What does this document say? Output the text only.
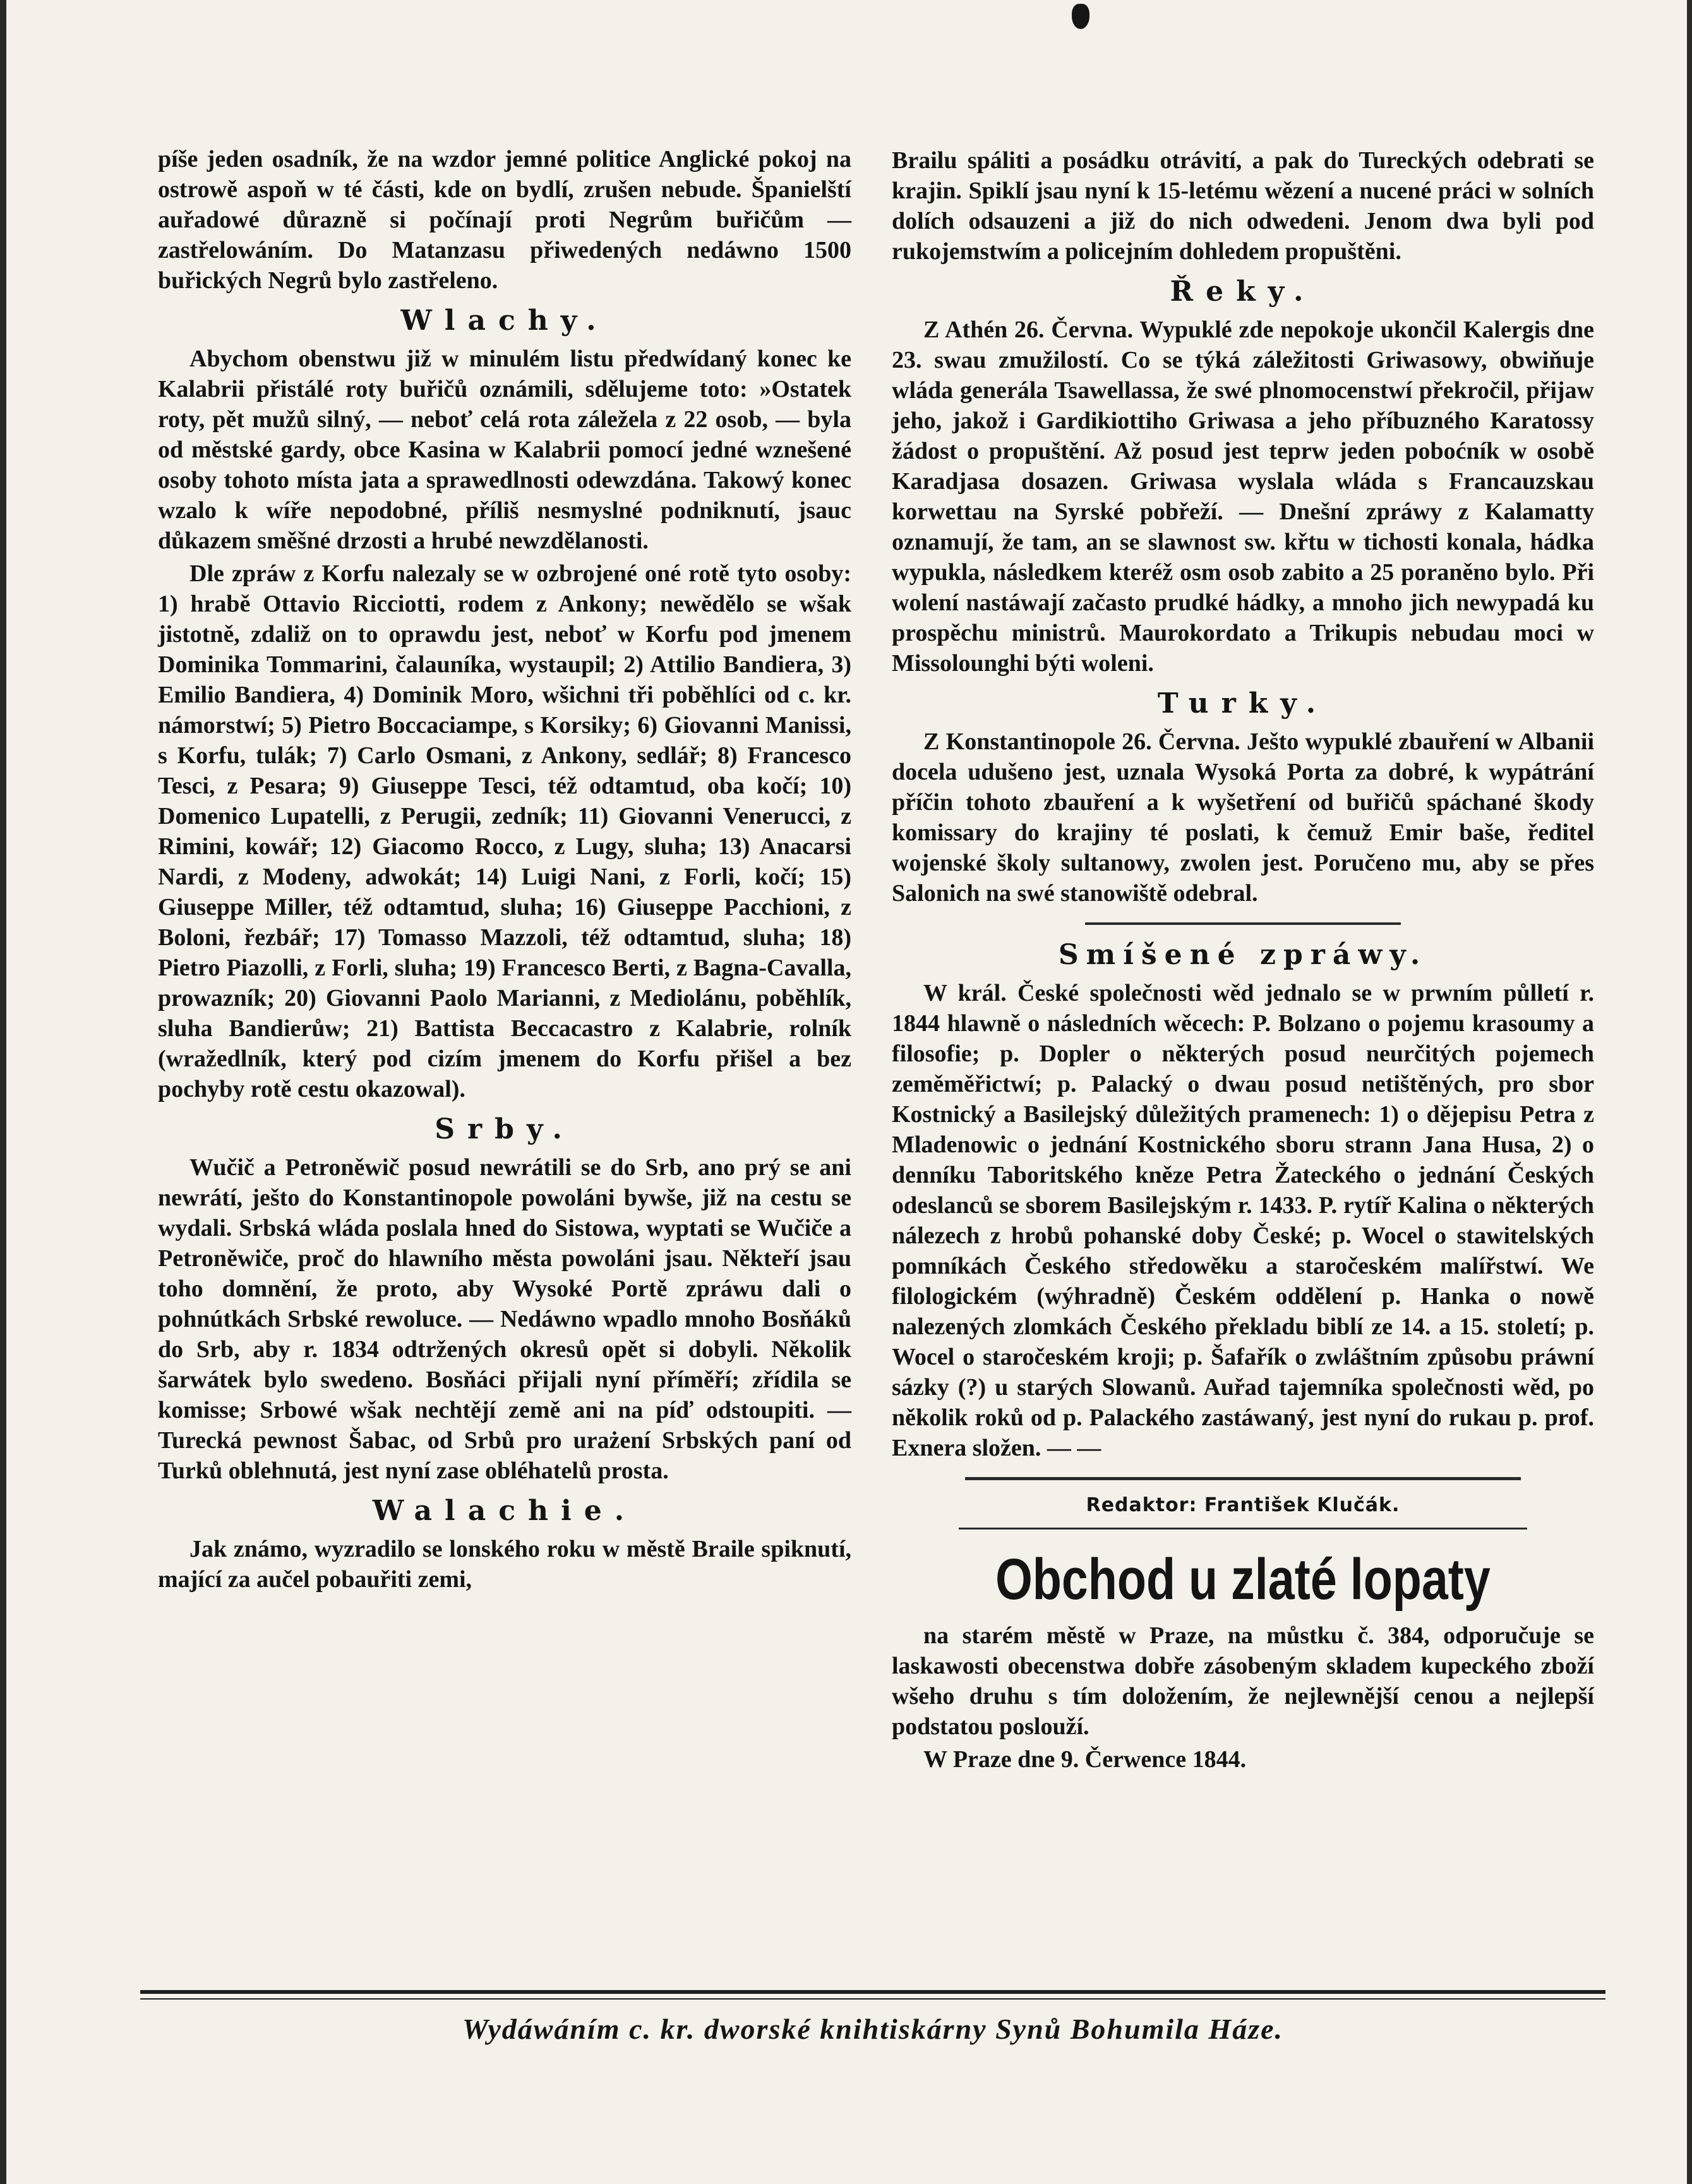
píše jeden osadník, že na wzdor jemné politice Anglické pokoj na ostrowě aspoň w té části, kde on bydlí, zrušen nebude. Španielští auřadowé důrazně si počínají proti Negrům buřičům — zastřelowáním. Do Matanzasu přiwedených nedáwno 1500 buřických Negrů bylo zastřeleno.

Wlachy.

Abychom obenstwu již w minulém listu předwídaný konec ke Kalabrii přistálé roty buřičů oznámili, sdělujeme toto: »Ostatek roty, pět mužů silný, — neboť celá rota záležela z 22 osob, — byla od městské gardy, obce Kasina w Kalabrii pomocí jedné wznešené osoby tohoto místa jata a sprawedlnosti odewzdána. Takowý konec wzalo k wíře nepodobné, příliš nesmyslné podniknutí, jsauc důkazem směšné drzosti a hrubé newzdělanosti.

Dle zpráw z Korfu nalezaly se w ozbrojené oné rotě tyto osoby: 1) hrabě Ottavio Ricciotti, rodem z Ankony; newědělo se wšak jistotně, zdaliž on to oprawdu jest, neboť w Korfu pod jmenem Dominika Tommarini, čalauníka, wystaupil; 2) Attilio Bandiera, 3) Emilio Bandiera, 4) Dominik Moro, wšichni tři poběhlíci od c. kr. námorstwí; 5) Pietro Boccaciampe, s Korsiky; 6) Giovanni Manissi, s Korfu, tulák; 7) Carlo Osmani, z Ankony, sedlář; 8) Francesco Tesci, z Pesara; 9) Giuseppe Tesci, též odtamtud, oba kočí; 10) Domenico Lupatelli, z Perugii, zedník; 11) Giovanni Venerucci, z Rimini, kowář; 12) Giacomo Rocco, z Lugy, sluha; 13) Anacarsi Nardi, z Modeny, adwokát; 14) Luigi Nani, z Forli, kočí; 15) Giuseppe Miller, též odtamtud, sluha; 16) Giuseppe Pacchioni, z Boloni, řezbář; 17) Tomasso Mazzoli, též odtamtud, sluha; 18) Pietro Piazolli, z Forli, sluha; 19) Francesco Berti, z Bagna-Cavalla, prowazník; 20) Giovanni Paolo Marianni, z Mediolánu, poběhlík, sluha Bandierůw; 21) Battista Beccacastro z Kalabrie, rolník (wražedlník, který pod cizím jmenem do Korfu přišel a bez pochyby rotě cestu okazowal).

Srby.

Wučič a Petroněwič posud newrátili se do Srb, ano prý se ani newrátí, ješto do Konstantinopole powoláni bywše, již na cestu se wydali. Srbská wláda poslala hned do Sistowa, wyptati se Wučiče a Petroněwiče, proč do hlawního města powoláni jsau. Někteří jsau toho domnění, že proto, aby Wysoké Portě zpráwu dali o pohnútkách Srbské rewoluce. — Nedáwno wpadlo mnoho Bosňáků do Srb, aby r. 1834 odtržených okresů opět si dobyli. Několik šarwátek bylo swedeno. Bosňáci přijali nyní příměří; zřídila se komisse; Srbowé wšak nechtějí země ani na píď odstoupiti. — Turecká pewnost Šabac, od Srbů pro urażení Srbských paní od Turků oblehnutá, jest nyní zase obléhatelů prosta.

Walachie.

Jak známo, wyzradilo se lonského roku w městě Braile spiknutí, mající za aučel pobauřiti zemi,

Brailu spáliti a posádku otrávití, a pak do Tureckých odebrati se krajin. Spiklí jsau nyní k 15-letému wězení a nucené práci w solních dolích odsauzeni a již do nich odwedeni. Jenom dwa byli pod rukojemstwím a policejním dohledem propuštěni.

Řeky.

Z Athén 26. Června. Wypuklé zde nepokoje ukončil Kalergis dne 23. swau zmužilostí. Co se týká záležitosti Griwasowy, obwiňuje wláda generála Tsawellassa, že swé plnomocenstwí překročil, přijaw jeho, jakož i Gardikiottiho Griwasa a jeho příbuzného Karatossy žádost o propuštění. Až posud jest teprw jeden poboćník w osobě Karadjasa dosazen. Griwasa wyslala wláda s Francauzskau korwettau na Syrské pobřeží. — Dnešní zpráwy z Kalamatty oznamují, že tam, an se slawnost sw. křtu w tichosti konala, hádka wypukla, následkem kteréž osm osob zabito a 25 poraněno bylo. Při wolení nastáwají začasto prudké hádky, a mnoho jich newypadá ku prospěchu ministrů. Maurokordato a Trikupis nebudau moci w Missolounghi býti woleni.

Turky.

Z Konstantinopole 26. Června. Ješto wypuklé zbauření w Albanii docela udušeno jest, uznala Wysoká Porta za dobré, k wypátrání příčin tohoto zbauření a k wyšetření od buřičů spáchané škody komissary do krajiny té poslati, k čemuž Emir baše, ředitel wojenské školy sultanowy, zwolen jest. Poručeno mu, aby se přes Salonich na swé stanowiště odebral.

Smíšené zpráwy.

W král. České společnosti wěd jednalo se w prwním půlletí r. 1844 hlawně o následních wěcech: P. Bolzano o pojemu krasoumy a filosofie; p. Dopler o některých posud neurčitých pojemech zeměměřictwí; p. Palacký o dwau posud netištěných, pro sbor Kostnický a Basilejský důležitých pramenech: 1) o dějepisu Petra z Mladenowic o jednání Kostnického sboru strann Jana Husa, 2) o denníku Taboritského kněze Petra Žateckého o jednání Českých odeslanců se sborem Basilejským r. 1433. P. rytíř Kalina o některých nálezech z hrobů pohanské doby České; p. Wocel o stawitelských pomníkách Českého středowěku a staročeském malířstwí. We filologickém (wýhradně) Českém oddělení p. Hanka o nowě nalezených zlomkách Českého překladu biblí ze 14. a 15. století; p. Wocel o staročeském kroji; p. Šafařík o zwláštním způsobu práwní sázky (?) u starých Slowanů. Auřad tajemníka společnosti wěd, po několik roků od p. Palackého zastáwaný, jest nyní do rukau p. prof. Exnera složen. — —

Redaktor: František Klučák.
Obchod u zlaté lopaty

na starém městě w Praze, na můstku č. 384, odporučuje se laskawosti obecenstwa dobře zásobeným skladem kupeckého zboží wšeho druhu s tím doložením, že nejlewnější cenou a nejlepší podstatou poslouží.

W Praze dne 9. Čerwence 1844.

Wydáwáním c. kr. dworské knihtiskárny Synů Bohumila Háze.
